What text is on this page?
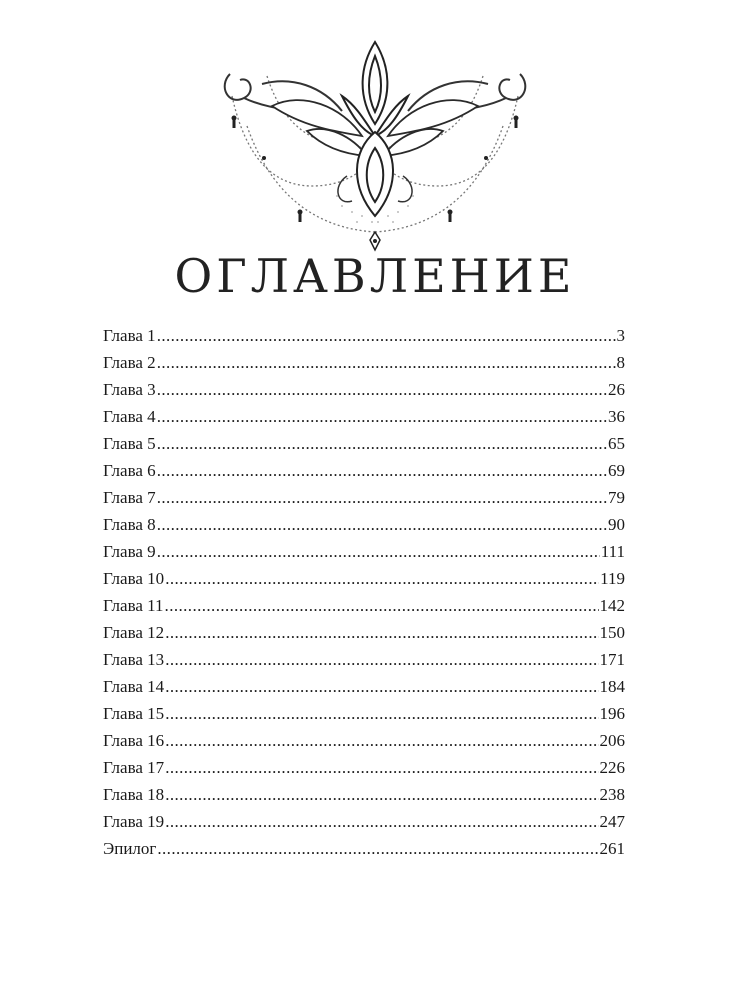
ОГЛАВЛЕНИЕ
Глава 1 .....	3
Глава 2 .....	8
Глава 3 .....	26
Глава 4 .....	36
Глава 5 .....	65
Глава 6 .....	69
Глава 7 .....	79
Глава 8 .....	90
Глава 9 .....	111
Глава 10 .....	119
Глава 11 .....	142
Глава 12 .....	150
Глава 13 .....	171
Глава 14 .....	184
Глава 15 .....	196
Глава 16 .....	206
Глава 17 .....	226
Глава 18 .....	238
Глава 19 .....	247
Эпилог .....	261
